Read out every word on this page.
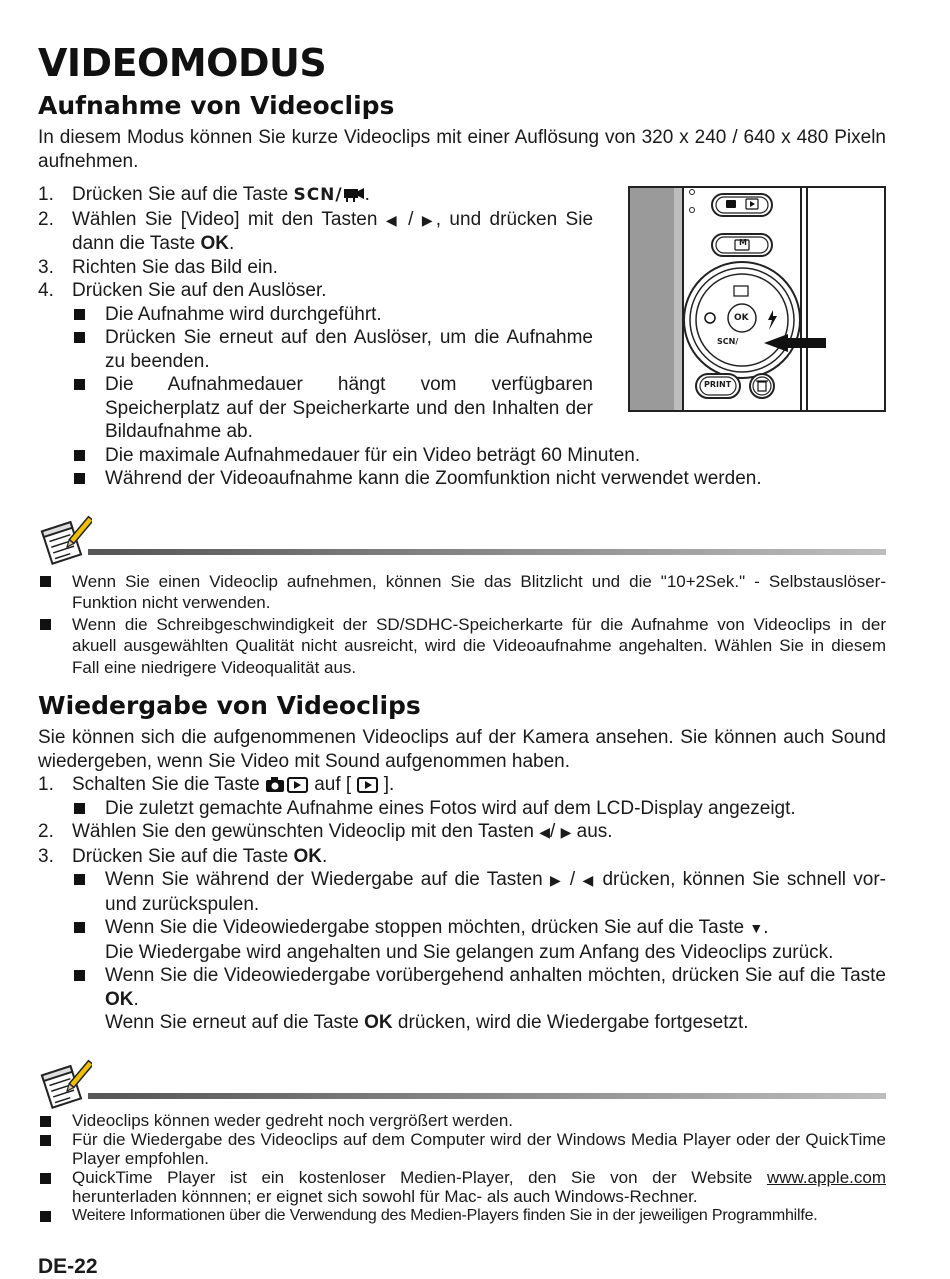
VIDEOMODUS
Aufnahme von Videoclips

In diesem Modus können Sie kurze Videoclips mit einer Auflösung von 320 x 240 / 640 x 480 Pixeln aufnehmen.

1. Drücken Sie auf die Taste SCN/ .
2. Wählen Sie [Video] mit den Tasten ◀ / ▶, und drücken Sie dann die Taste OK.
3. Richten Sie das Bild ein.
4. Drücken Sie auf den Auslöser.
Die Aufnahme wird durchgeführt.
Drücken Sie erneut auf den Auslöser, um die Aufnahme zu beenden.
Die Aufnahmedauer hängt vom verfügbaren Speicherplatz auf der Speicherkarte und den Inhalten der Bildaufnahme ab.
Die maximale Aufnahmedauer für ein Video beträgt 60 Minuten.
Während der Videoaufnahme kann die Zoomfunktion nicht verwendet werden.
Wenn Sie einen Videoclip aufnehmen, können Sie das Blitzlicht und die "10+2Sek." - Selbstauslöser-Funktion nicht verwenden.
Wenn die Schreibgeschwindigkeit der SD/SDHC-Speicherkarte für die Aufnahme von Videoclips in der akuell ausgewählten Qualität nicht ausreicht, wird die Videoaufnahme angehalten. Wählen Sie in diesem Fall eine niedrigere Videoqualität aus.
Wiedergabe von Videoclips

Sie können sich die aufgenommenen Videoclips auf der Kamera ansehen. Sie können auch Sound wiedergeben, wenn Sie Video mit Sound aufgenommen haben.

1. Schalten Sie die Taste	auf [ ].
Die zuletzt gemachte Aufnahme eines Fotos wird auf dem LCD-Display angezeigt.
2. Wählen Sie den gewünschten Videoclip mit den Tasten ◀/ ▶ aus.
3. Drücken Sie auf die Taste OK.
Wenn Sie während der Wiedergabe auf die Tasten ▶ / ◀ drücken, können Sie schnell vor- und zurückspulen.
Wenn Sie die Videowiedergabe stoppen möchten, drücken Sie auf die Taste ▼.
Die Wiedergabe wird angehalten und Sie gelangen zum Anfang des Videoclips zurück.
Wenn Sie die Videowiedergabe vorübergehend anhalten möchten, drücken Sie auf die Taste OK.
Wenn Sie erneut auf die Taste OK drücken, wird die Wiedergabe fortgesetzt.
Videoclips können weder gedreht noch vergrößert werden.
Für die Wiedergabe des Videoclips auf dem Computer wird der Windows Media Player oder der QuickTime Player empfohlen.
QuickTime Player ist ein kostenloser Medien-Player, den Sie von der Website www.apple.com herunterladen könnnen; er eignet sich sowohl für Mac- als auch Windows-Rechner.
Weitere Informationen über die Verwendung des Medien-Players finden Sie in der jeweiligen Programmhilfe.
OK
SCN/
M
PRINT
DE-22
